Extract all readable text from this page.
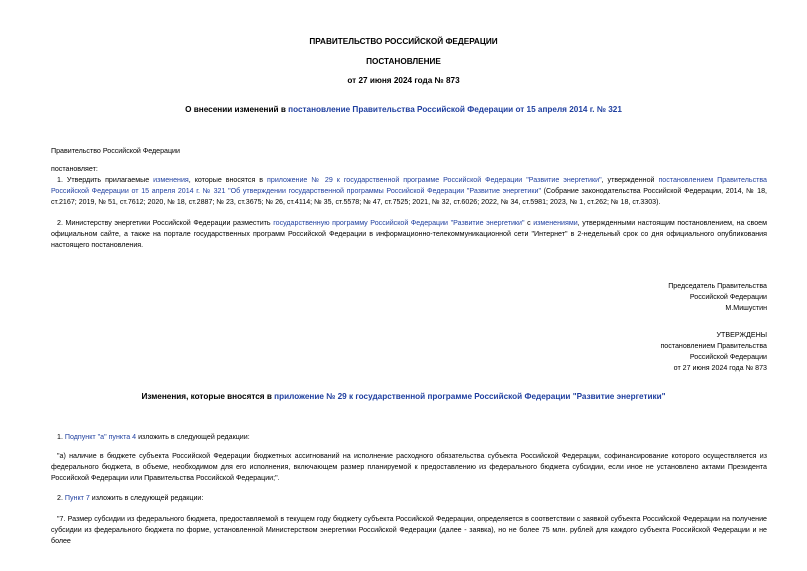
ПРАВИТЕЛЬСТВО РОССИЙСКОЙ ФЕДЕРАЦИИ
ПОСТАНОВЛЕНИЕ
от 27 июня 2024 года № 873
О внесении изменений в постановление Правительства Российской Федерации от 15 апреля 2014 г. № 321
Правительство Российской Федерации
постановляет:
1. Утвердить прилагаемые изменения, которые вносятся в приложение № 29 к государственной программе Российской Федерации "Развитие энергетики", утвержденной постановлением Правительства Российской Федерации от 15 апреля 2014 г. № 321 "Об утверждении государственной программы Российской Федерации "Развитие энергетики" (Собрание законодательства Российской Федерации, 2014, № 18, ст.2167; 2019, № 51, ст.7612; 2020, № 18, ст.2887; № 23, ст.3675; № 26, ст.4114; № 35, ст.5578; № 47, ст.7525; 2021, № 32, ст.6026; 2022, № 34, ст.5981; 2023, № 1, ст.262; № 18, ст.3303).
2. Министерству энергетики Российской Федерации разместить государственную программу Российской Федерации "Развитие энергетики" с изменениями, утвержденными настоящим постановлением, на своем официальном сайте, а также на портале государственных программ Российской Федерации в информационно-телекоммуникационной сети "Интернет" в 2-недельный срок со дня официального опубликования настоящего постановления.
Председатель Правительства
Российской Федерации
М.Мишустин
УТВЕРЖДЕНЫ
постановлением Правительства
Российской Федерации
от 27 июня 2024 года № 873
Изменения, которые вносятся в приложение № 29 к государственной программе Российской Федерации "Развитие энергетики"
1. Подпункт "а" пункта 4 изложить в следующей редакции:
"а) наличие в бюджете субъекта Российской Федерации бюджетных ассигнований на исполнение расходного обязательства субъекта Российской Федерации, софинансирование которого осуществляется из федерального бюджета, в объеме, необходимом для его исполнения, включающем размер планируемой к предоставлению из федерального бюджета субсидии, если иное не установлено актами Президента Российской Федерации или Правительства Российской Федерации;".
2. Пункт 7 изложить в следующей редакции:
"7. Размер субсидии из федерального бюджета, предоставляемой в текущем году бюджету субъекта Российской Федерации, определяется в соответствии с заявкой субъекта Российской Федерации на получение субсидии из федерального бюджета по форме, установленной Министерством энергетики Российской Федерации (далее - заявка), но не более 75 млн. рублей для каждого субъекта Российской Федерации и не более
